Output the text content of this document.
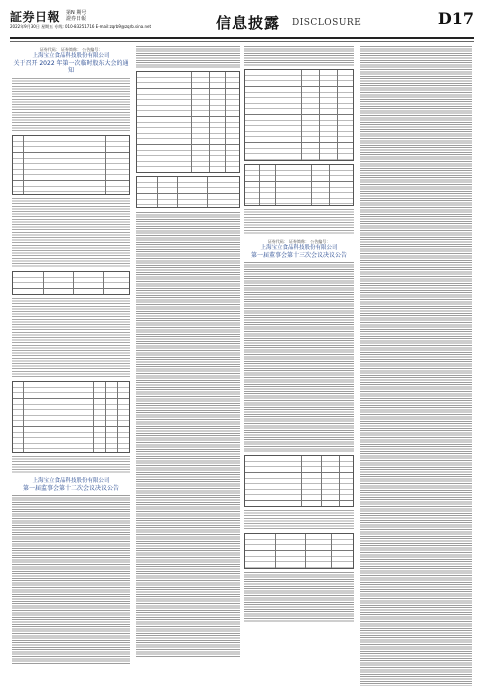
証券日報 第N 期号
證券日報
2022年9月30日 星期五 专线: 010-83251716 E-mail:zqrb9@zqrb.sina.net	信息披露 DISCLOSURE	D17
证券代码： 证券简称： 公告编号：
上海宝立食品科技股份有限公司
关于召开 2022 年第一次临时股东大会的通知
上海宝立食品科技股份有限公司
第一届监事会第十二次会议决议公告
证券代码： 证券简称： 公告编号：
上海宝立食品科技股份有限公司
第一届董事会第十三次会议决议公告
